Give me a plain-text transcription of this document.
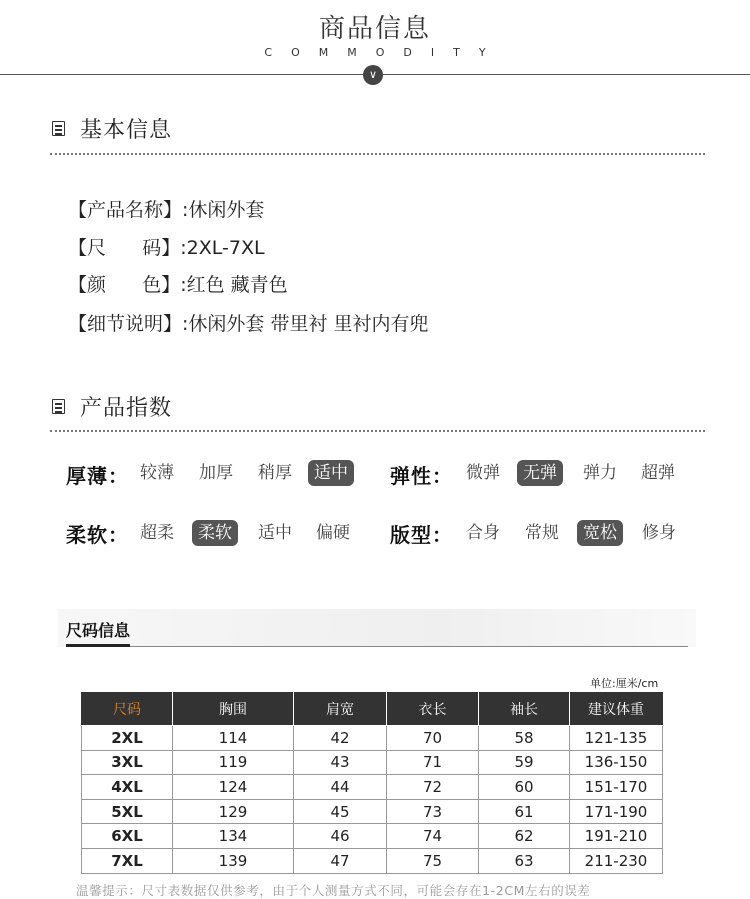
商品信息
COMMODITY
∨
基本信息
【产品名称】:休闲外套
【尺      码】:2XL-7XL
【颜      色】:红色 藏青色
【细节说明】:休闲外套 带里衬 里衬内有兜
产品指数
厚薄： 较薄	加厚	稍厚	适中	弹性： 微弹	无弹	弹力	超弹
柔软： 超柔	柔软	适中	偏硬	版型： 合身	常规	宽松	修身
尺码信息
单位:厘米/cm
尺码	胸围	肩宽	衣长	袖长	建议体重
2XL	114	42	70	58	121-135
3XL	119	43	71	59	136-150
4XL	124	44	72	60	151-170
5XL	129	45	73	61	171-190
6XL	134	46	74	62	191-210
7XL	139	47	75	63	211-230
温馨提示：尺寸表数据仅供参考，由于个人测量方式不同，可能会存在1-2CM左右的误差
